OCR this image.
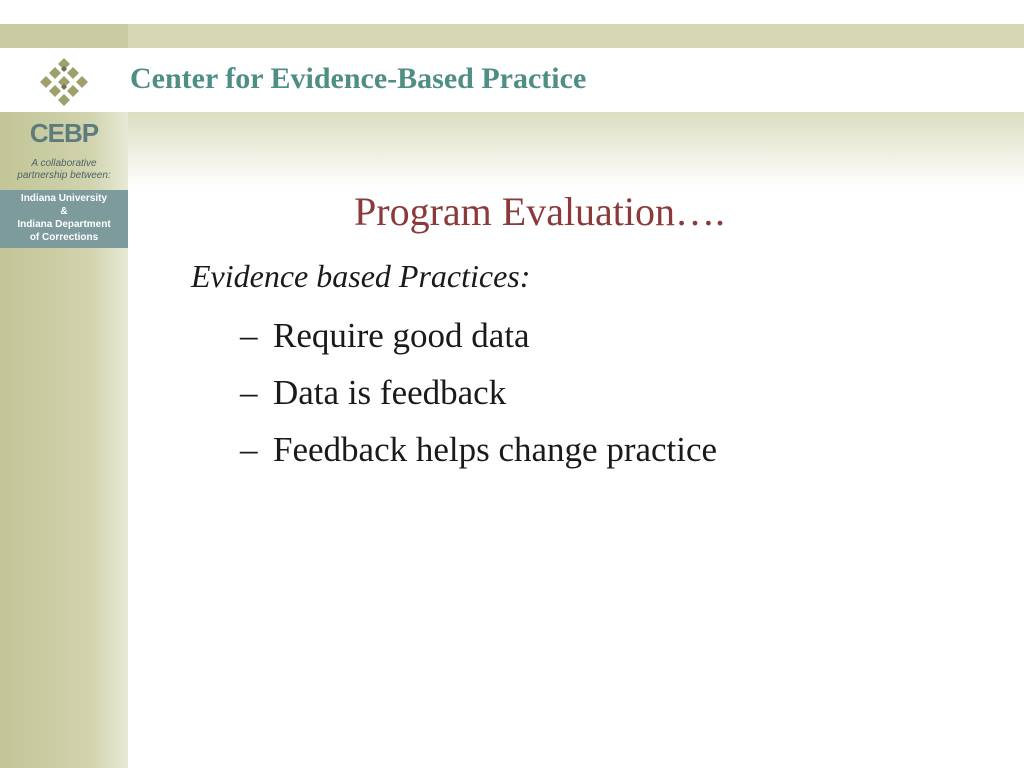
Center for Evidence-Based Practice
CEBP
A collaborative
partnership between:
Indiana University
&
Indiana Department
of Corrections
Program Evaluation….
Evidence based Practices:
– Require good data
– Data is feedback
– Feedback helps change practice
